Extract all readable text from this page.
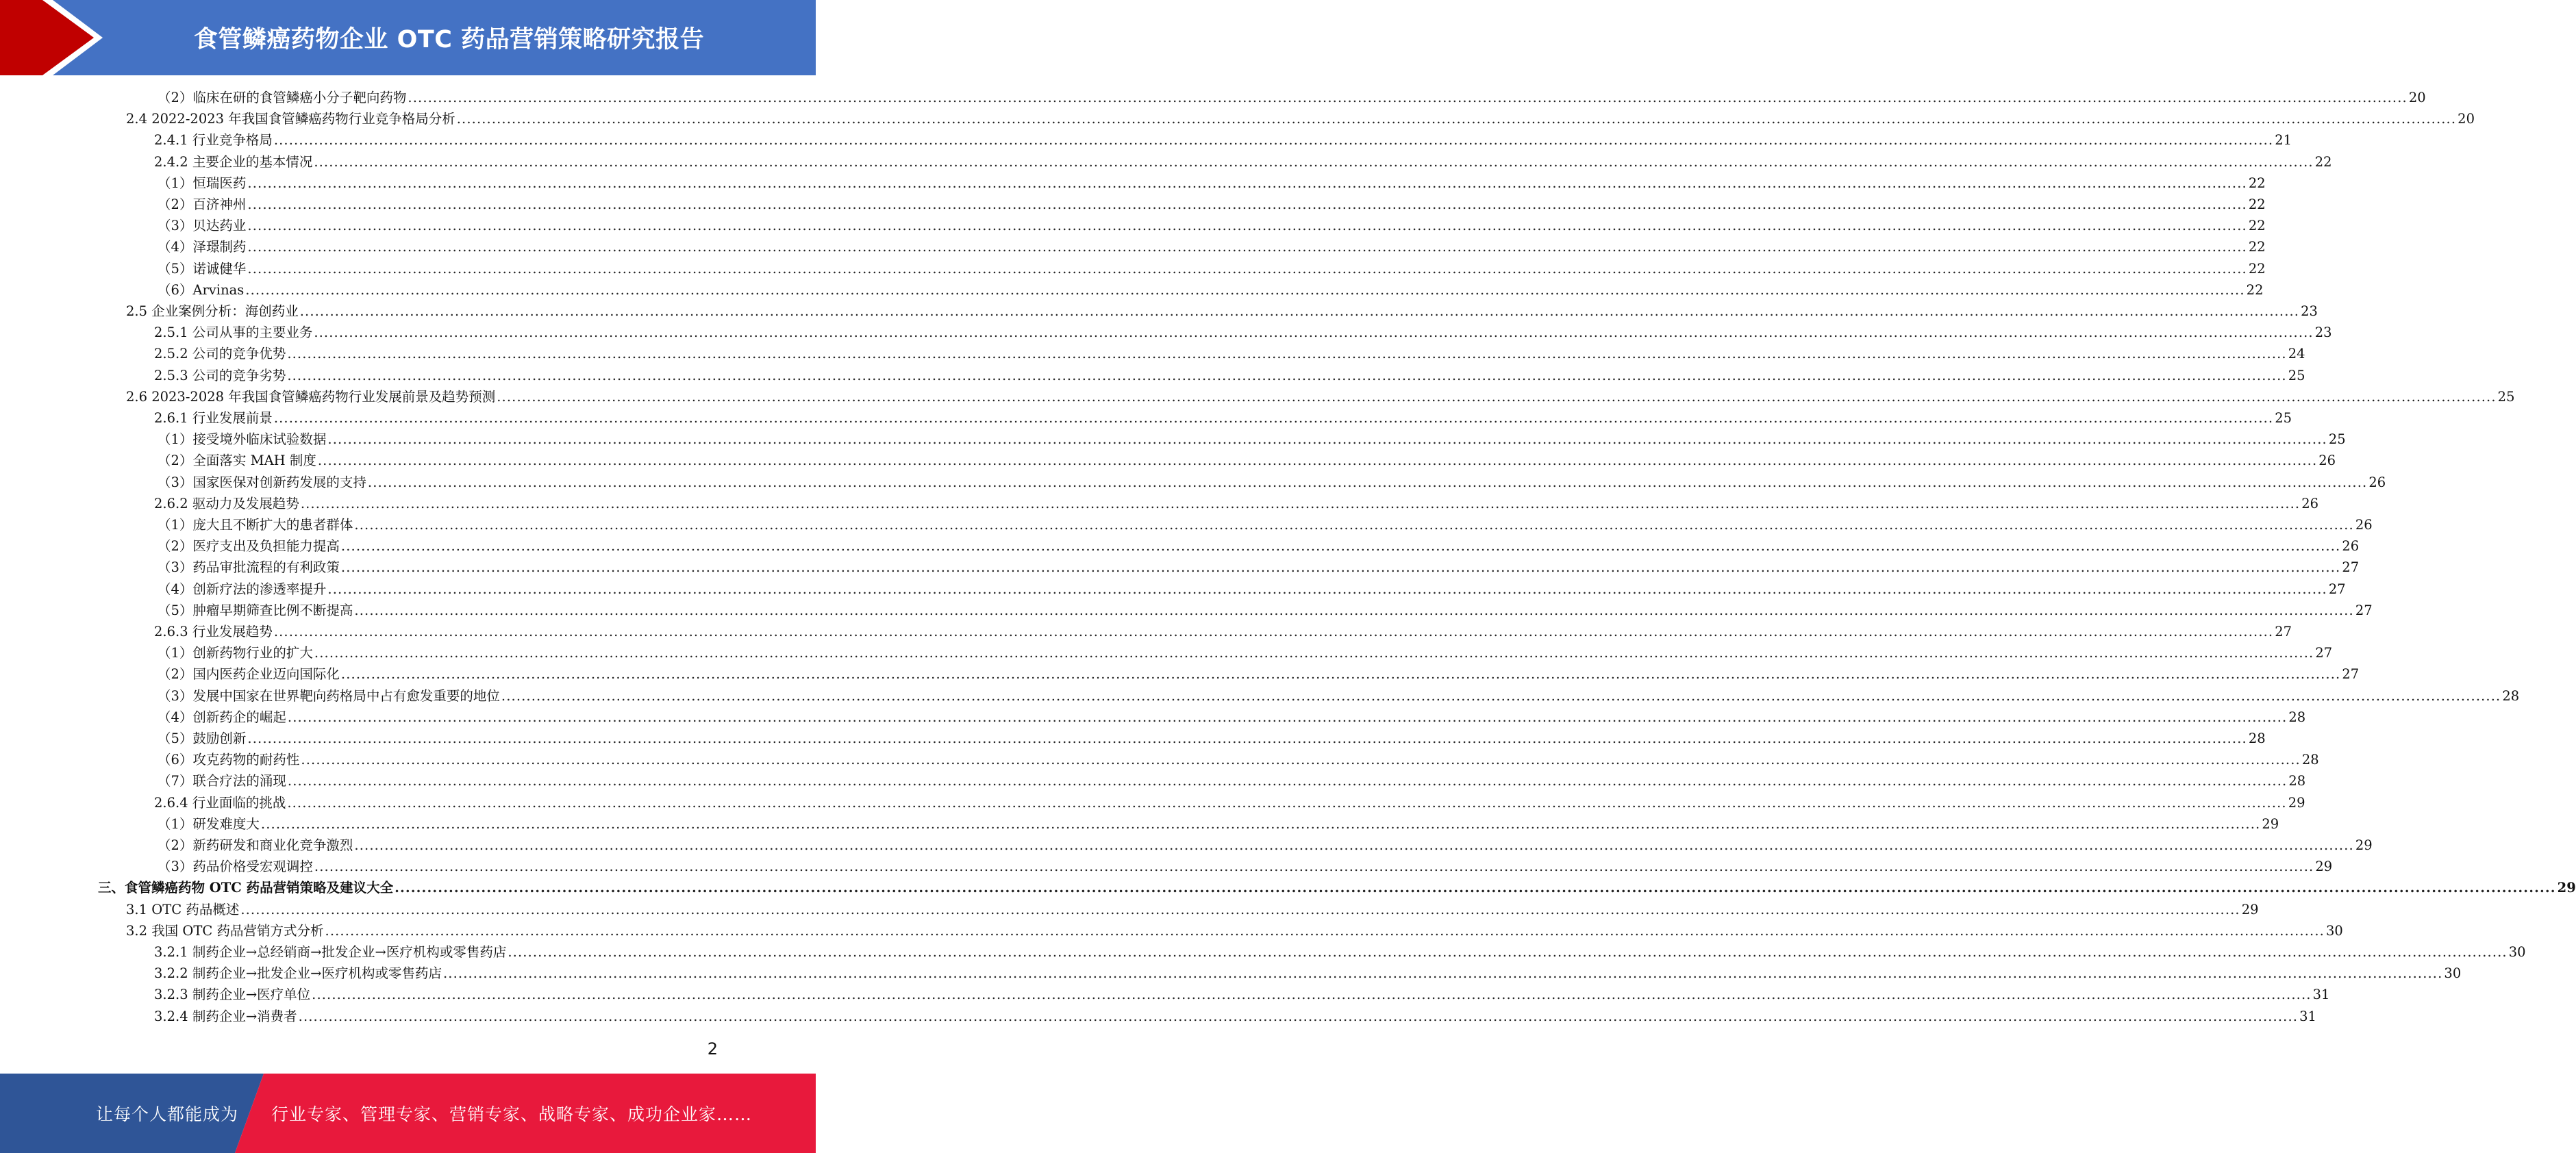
食管鳞癌药物企业 OTC 药品营销策略研究报告
（2）临床在研的食管鳞癌小分子靶向药物 ................................................................................................................................................................................................................................................................................................................................................................................................................ 20
2.4 2022-2023 年我国食管鳞癌药物行业竞争格局分析 ................................................................................................................................................................................................................................................................................................................................................................................................................ 20
2.4.1 行业竞争格局 ................................................................................................................................................................................................................................................................................................................................................................................................................ 21
2.4.2 主要企业的基本情况 ................................................................................................................................................................................................................................................................................................................................................................................................................ 22
（1）恒瑞医药 ................................................................................................................................................................................................................................................................................................................................................................................................................ 22
（2）百济神州 ................................................................................................................................................................................................................................................................................................................................................................................................................ 22
（3）贝达药业 ................................................................................................................................................................................................................................................................................................................................................................................................................ 22
（4）泽璟制药 ................................................................................................................................................................................................................................................................................................................................................................................................................ 22
（5）诺诚健华 ................................................................................................................................................................................................................................................................................................................................................................................................................ 22
（6）Arvinas ................................................................................................................................................................................................................................................................................................................................................................................................................ 22
2.5 企业案例分析：海创药业 ................................................................................................................................................................................................................................................................................................................................................................................................................ 23
2.5.1 公司从事的主要业务 ................................................................................................................................................................................................................................................................................................................................................................................................................ 23
2.5.2 公司的竞争优势 ................................................................................................................................................................................................................................................................................................................................................................................................................ 24
2.5.3 公司的竞争劣势 ................................................................................................................................................................................................................................................................................................................................................................................................................ 25
2.6 2023-2028 年我国食管鳞癌药物行业发展前景及趋势预测 ................................................................................................................................................................................................................................................................................................................................................................................................................ 25
2.6.1 行业发展前景 ................................................................................................................................................................................................................................................................................................................................................................................................................ 25
（1）接受境外临床试验数据 ................................................................................................................................................................................................................................................................................................................................................................................................................ 25
（2）全面落实 MAH 制度 ................................................................................................................................................................................................................................................................................................................................................................................................................ 26
（3）国家医保对创新药发展的支持 ................................................................................................................................................................................................................................................................................................................................................................................................................ 26
2.6.2 驱动力及发展趋势 ................................................................................................................................................................................................................................................................................................................................................................................................................ 26
（1）庞大且不断扩大的患者群体 ................................................................................................................................................................................................................................................................................................................................................................................................................ 26
（2）医疗支出及负担能力提高 ................................................................................................................................................................................................................................................................................................................................................................................................................ 26
（3）药品审批流程的有利政策 ................................................................................................................................................................................................................................................................................................................................................................................................................ 27
（4）创新疗法的渗透率提升 ................................................................................................................................................................................................................................................................................................................................................................................................................ 27
（5）肿瘤早期筛查比例不断提高 ................................................................................................................................................................................................................................................................................................................................................................................................................ 27
2.6.3 行业发展趋势 ................................................................................................................................................................................................................................................................................................................................................................................................................ 27
（1）创新药物行业的扩大 ................................................................................................................................................................................................................................................................................................................................................................................................................ 27
（2）国内医药企业迈向国际化 ................................................................................................................................................................................................................................................................................................................................................................................................................ 27
（3）发展中国家在世界靶向药格局中占有愈发重要的地位 ................................................................................................................................................................................................................................................................................................................................................................................................................ 28
（4）创新药企的崛起 ................................................................................................................................................................................................................................................................................................................................................................................................................ 28
（5）鼓励创新 ................................................................................................................................................................................................................................................................................................................................................................................................................ 28
（6）攻克药物的耐药性 ................................................................................................................................................................................................................................................................................................................................................................................................................ 28
（7）联合疗法的涌现 ................................................................................................................................................................................................................................................................................................................................................................................................................ 28
2.6.4 行业面临的挑战 ................................................................................................................................................................................................................................................................................................................................................................................................................ 29
（1）研发难度大 ................................................................................................................................................................................................................................................................................................................................................................................................................ 29
（2）新药研发和商业化竞争激烈 ................................................................................................................................................................................................................................................................................................................................................................................................................ 29
（3）药品价格受宏观调控 ................................................................................................................................................................................................................................................................................................................................................................................................................ 29
三、食管鳞癌药物 OTC 药品营销策略及建议大全 ................................................................................................................................................................................................................................................................................................................................................................................................................ 29
3.1 OTC 药品概述 ................................................................................................................................................................................................................................................................................................................................................................................................................ 29
3.2 我国 OTC 药品营销方式分析 ................................................................................................................................................................................................................................................................................................................................................................................................................ 30
3.2.1 制药企业→总经销商→批发企业→医疗机构或零售药店 ................................................................................................................................................................................................................................................................................................................................................................................................................ 30
3.2.2 制药企业→批发企业→医疗机构或零售药店 ................................................................................................................................................................................................................................................................................................................................................................................................................ 30
3.2.3 制药企业→医疗单位 ................................................................................................................................................................................................................................................................................................................................................................................................................ 31
3.2.4 制药企业→消费者 ................................................................................................................................................................................................................................................................................................................................................................................................................ 31
2
让每个人都能成为 行业专家、管理专家、营销专家、战略专家、成功企业家……
